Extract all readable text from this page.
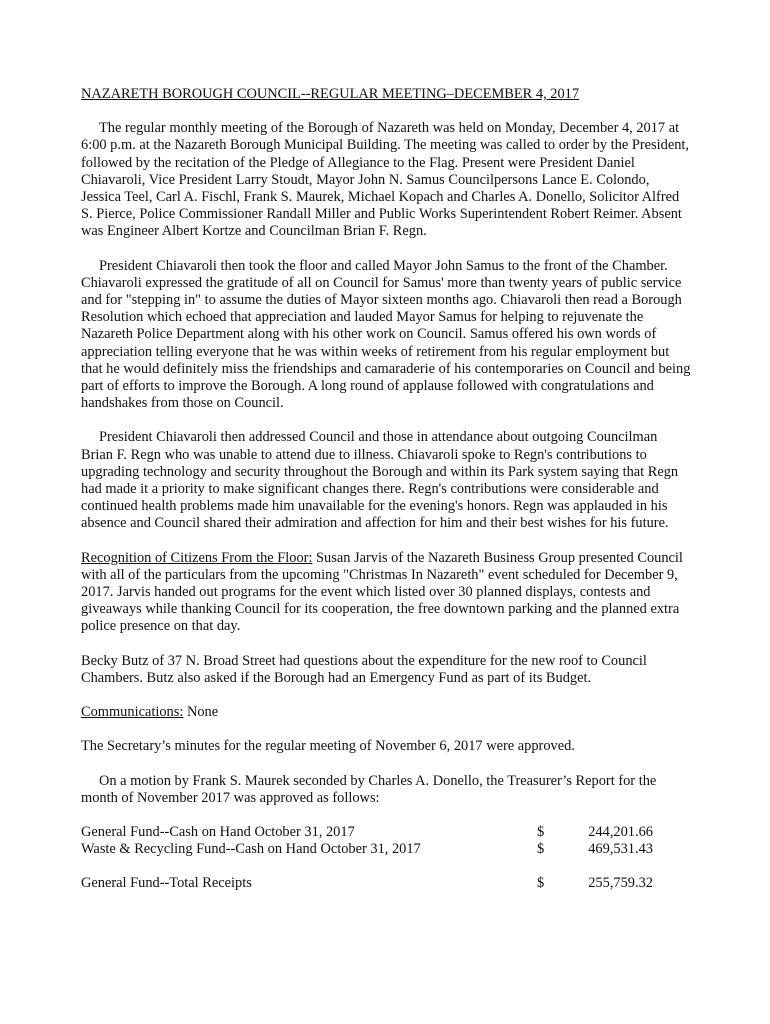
NAZARETH BOROUGH COUNCIL--REGULAR MEETING–DECEMBER 4, 2017

The regular monthly meeting of the Borough of Nazareth was held on Monday, December 4, 2017 at 6:00 p.m. at the Nazareth Borough Municipal Building. The meeting was called to order by the President, followed by the recitation of the Pledge of Allegiance to the Flag. Present were President Daniel Chiavaroli, Vice President Larry Stoudt, Mayor John N. Samus Councilpersons Lance E. Colondo, Jessica Teel, Carl A. Fischl, Frank S. Maurek, Michael Kopach and Charles A. Donello, Solicitor Alfred S. Pierce, Police Commissioner Randall Miller and Public Works Superintendent Robert Reimer. Absent was Engineer Albert Kortze and Councilman Brian F. Regn.

President Chiavaroli then took the floor and called Mayor John Samus to the front of the Chamber. Chiavaroli expressed the gratitude of all on Council for Samus' more than twenty years of public service and for "stepping in" to assume the duties of Mayor sixteen months ago. Chiavaroli then read a Borough Resolution which echoed that appreciation and lauded Mayor Samus for helping to rejuvenate the Nazareth Police Department along with his other work on Council. Samus offered his own words of appreciation telling everyone that he was within weeks of retirement from his regular employment but that he would definitely miss the friendships and camaraderie of his contemporaries on Council and being part of efforts to improve the Borough. A long round of applause followed with congratulations and handshakes from those on Council.

President Chiavaroli then addressed Council and those in attendance about outgoing Councilman Brian F. Regn who was unable to attend due to illness. Chiavaroli spoke to Regn's contributions to upgrading technology and security throughout the Borough and within its Park system saying that Regn had made it a priority to make significant changes there. Regn's contributions were considerable and continued health problems made him unavailable for the evening's honors. Regn was applauded in his absence and Council shared their admiration and affection for him and their best wishes for his future.

Recognition of Citizens From the Floor: Susan Jarvis of the Nazareth Business Group presented Council with all of the particulars from the upcoming "Christmas In Nazareth" event scheduled for December 9, 2017. Jarvis handed out programs for the event which listed over 30 planned displays, contests and giveaways while thanking Council for its cooperation, the free downtown parking and the planned extra police presence on that day.

Becky Butz of 37 N. Broad Street had questions about the expenditure for the new roof to Council Chambers. Butz also asked if the Borough had an Emergency Fund as part of its Budget.

Communications: None

The Secretary’s minutes for the regular meeting of November 6, 2017 were approved.

On a motion by Frank S. Maurek seconded by Charles A. Donello, the Treasurer’s Report for the month of November 2017 was approved as follows:

General Fund--Cash on Hand October 31, 2017	$	244,201.66
Waste & Recycling Fund--Cash on Hand October 31, 2017	$	469,531.43
General Fund--Total Receipts	$	255,759.32
